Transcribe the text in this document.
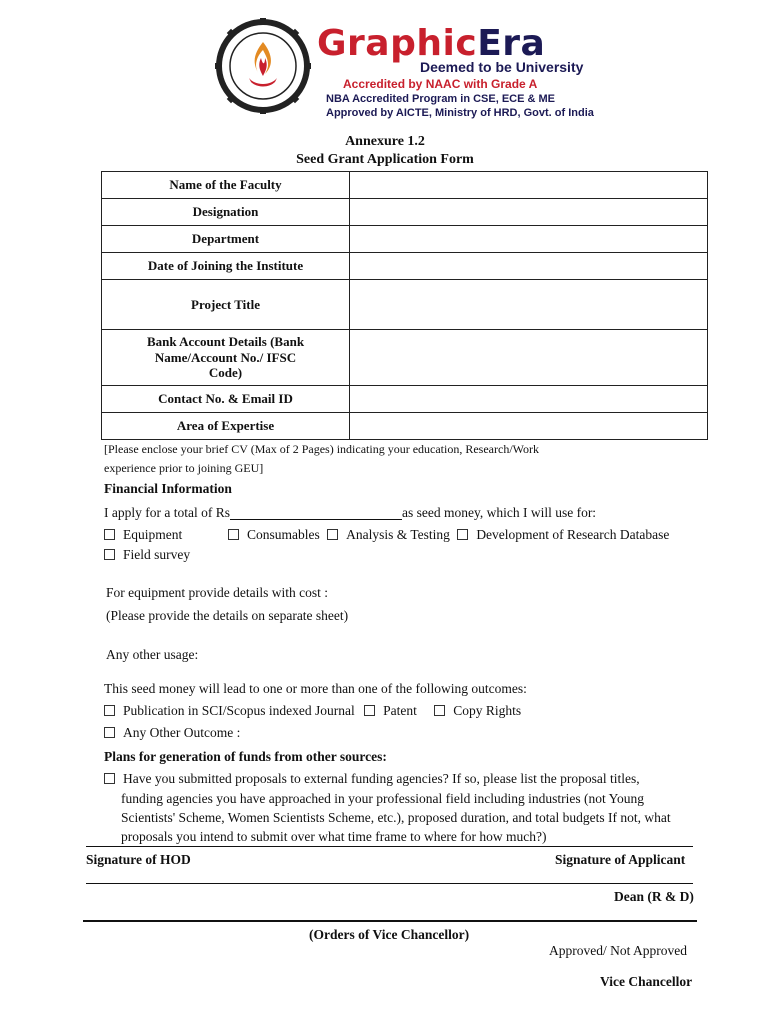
GraphicEra
Deemed to be University
Accredited by NAAC with Grade A
NBA Accredited Program in CSE, ECE & ME
Approved by AICTE, Ministry of HRD, Govt. of India
Annexure 1.2
Seed Grant Application Form
Name of the Faculty	
Designation	
Department	
Date of Joining the Institute	
Project Title	
Bank Account Details (Bank Name/Account No./ IFSC Code)	
Contact No. & Email ID	
Area of Expertise	
[Please enclose your brief CV (Max of 2 Pages) indicating your education, Research/Work
experience prior to joining GEU]
Financial Information
I apply for a total of Rs	as seed money, which I will use for:
Equipment	Consumables Analysis & Testing Development of Research Database
Field survey
For equipment provide details with cost :
(Please provide the details on separate sheet)
Any other usage:
This seed money will lead to one or more than one of the following outcomes:
Publication in SCI/Scopus indexed Journal Patent	Copy Rights
Any Other Outcome :
Plans for generation of funds from other sources:
Have you submitted proposals to external funding agencies? If so, please list the proposal titles,
funding agencies you have approached in your professional field including industries (not Young
Scientists' Scheme, Women Scientists Scheme, etc.), proposed duration, and total budgets If not, what
proposals you intend to submit over what time frame to where for how much?)
Signature of HOD	Signature of Applicant
Dean (R & D)
(Orders of Vice Chancellor)
Approved/ Not Approved
Vice Chancellor
